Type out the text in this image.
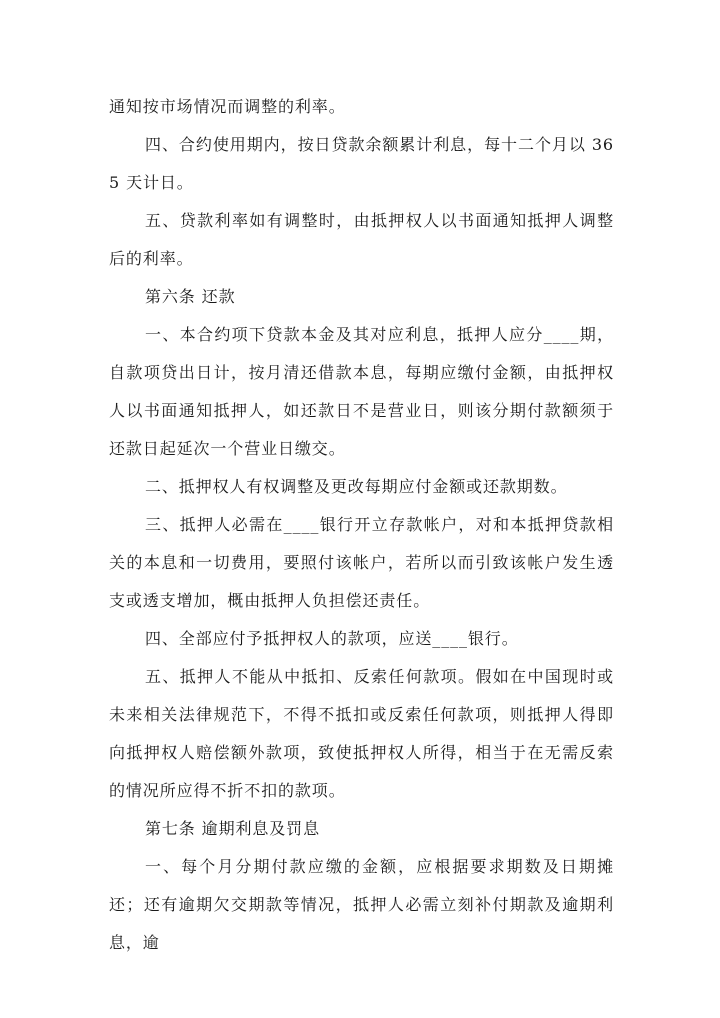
通知按市场情况而调整的利率。

四、合约使用期内，按日贷款余额累计利息，每十二个月以 365 天计日。

五、贷款利率如有调整时，由抵押权人以书面通知抵押人调整后的利率。

第六条 还款

一、本合约项下贷款本金及其对应利息，抵押人应分____期，自款项贷出日计，按月清还借款本息，每期应缴付金额，由抵押权人以书面通知抵押人，如还款日不是营业日，则该分期付款额须于还款日起延次一个营业日缴交。

二、抵押权人有权调整及更改每期应付金额或还款期数。

三、抵押人必需在____银行开立存款帐户，对和本抵押贷款相关的本息和一切费用，要照付该帐户，若所以而引致该帐户发生透支或透支增加，概由抵押人负担偿还责任。

四、全部应付予抵押权人的款项，应送____银行。

五、抵押人不能从中抵扣、反索任何款项。假如在中国现时或未来相关法律规范下，不得不抵扣或反索任何款项，则抵押人得即向抵押权人赔偿额外款项，致使抵押权人所得，相当于在无需反索的情况所应得不折不扣的款项。

第七条 逾期利息及罚息

一、每个月分期付款应缴的金额，应根据要求期数及日期摊还；还有逾期欠交期款等情况，抵押人必需立刻补付期款及逾期利息，逾
